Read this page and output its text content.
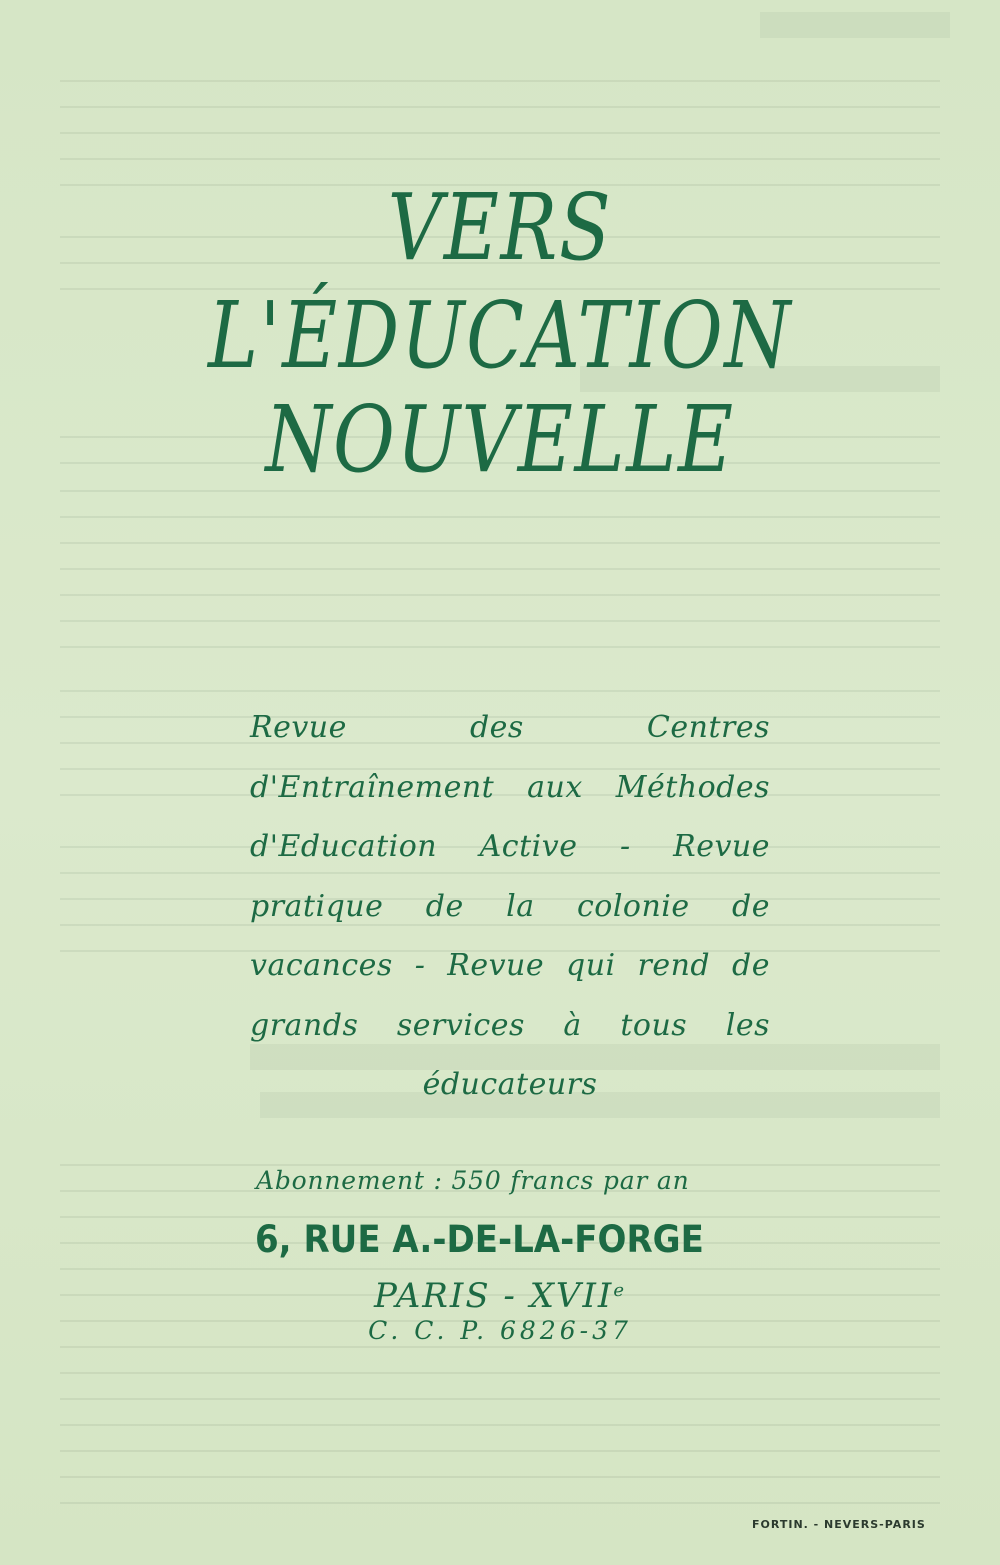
VERS
L'ÉDUCATION
NOUVELLE

Revue des Centres d'Entraînement aux Méthodes d'Education Active - Revue pratique de la colonie de vacances - Revue qui rend de grands services à tous les éducateurs

Abonnement : 550 francs par an
6, RUE A.-DE-LA-FORGE
PARIS - XVIIe
C. C. P. 6826-37
FORTIN. - NEVERS-PARIS
